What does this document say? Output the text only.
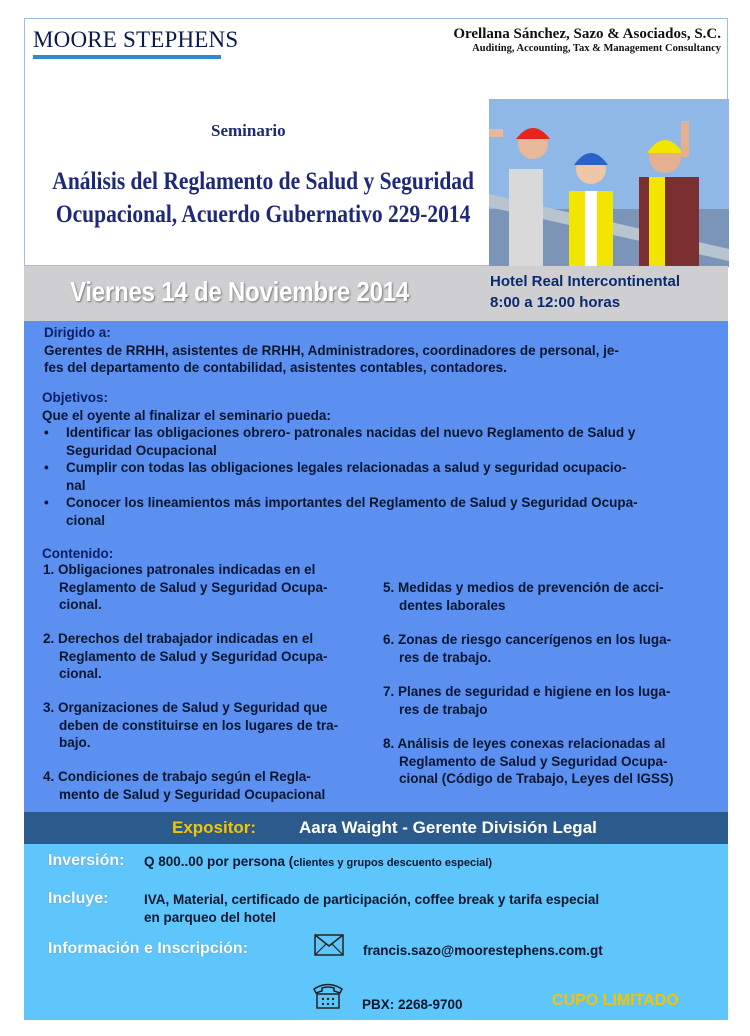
MOORE STEPHENS	Orellana Sánchez, Sazo & Asociados, S.C.
Auditing, Accounting, Tax & Management Consultancy
Seminario
Análisis del Reglamento de Salud y Seguridad
Ocupacional, Acuerdo Gubernativo 229-2014
Viernes 14 de Noviembre 2014	Hotel Real Intercontinental
8:00 a 12:00 horas

Dirigido a:

Gerentes de RRHH, asistentes de RRHH, Administradores, coordinadores de personal, je-

fes del departamento de contabilidad, asistentes contables, contadores.

Objetivos:

Que el oyente al finalizar el seminario pueda:

• Identificar las obligaciones obrero- patronales nacidas del nuevo Reglamento de Salud y
Seguridad Ocupacional
• Cumplir con todas las obligaciones legales relacionadas a salud y seguridad ocupacio-
nal
• Conocer los lineamientos más importantes del Reglamento de Salud y Seguridad Ocupa-
cional

Contenido:

1. Obligaciones patronales indicadas en el
Reglamento de Salud y Seguridad Ocupa-
cional.
2. Derechos del trabajador indicadas en el
Reglamento de Salud y Seguridad Ocupa-
cional.
3. Organizaciones de Salud y Seguridad que
deben de constituirse en los lugares de tra-
bajo.
4. Condiciones de trabajo según el Regla-
mento de Salud y Seguridad Ocupacional
5. Medidas y medios de prevención de acci-
dentes laborales
6. Zonas de riesgo cancerígenos en los luga-
res de trabajo.
7. Planes de seguridad e higiene en los luga-
res de trabajo
8. Análisis de leyes conexas relacionadas al
Reglamento de Salud y Seguridad Ocupa-
cional (Código de Trabajo, Leyes del IGSS)
Expositor:	Aara Waight - Gerente División Legal
Inversión: Q 800..00 por persona (clientes y grupos descuento especial)
Incluye:	IVA, Material, certificado de participación, coffee break y tarifa especial
en parqueo del hotel
Información e Inscripción:	francis.sazo@moorestephens.com.gt
PBX: 2268-9700	CUPO LIMITADO
